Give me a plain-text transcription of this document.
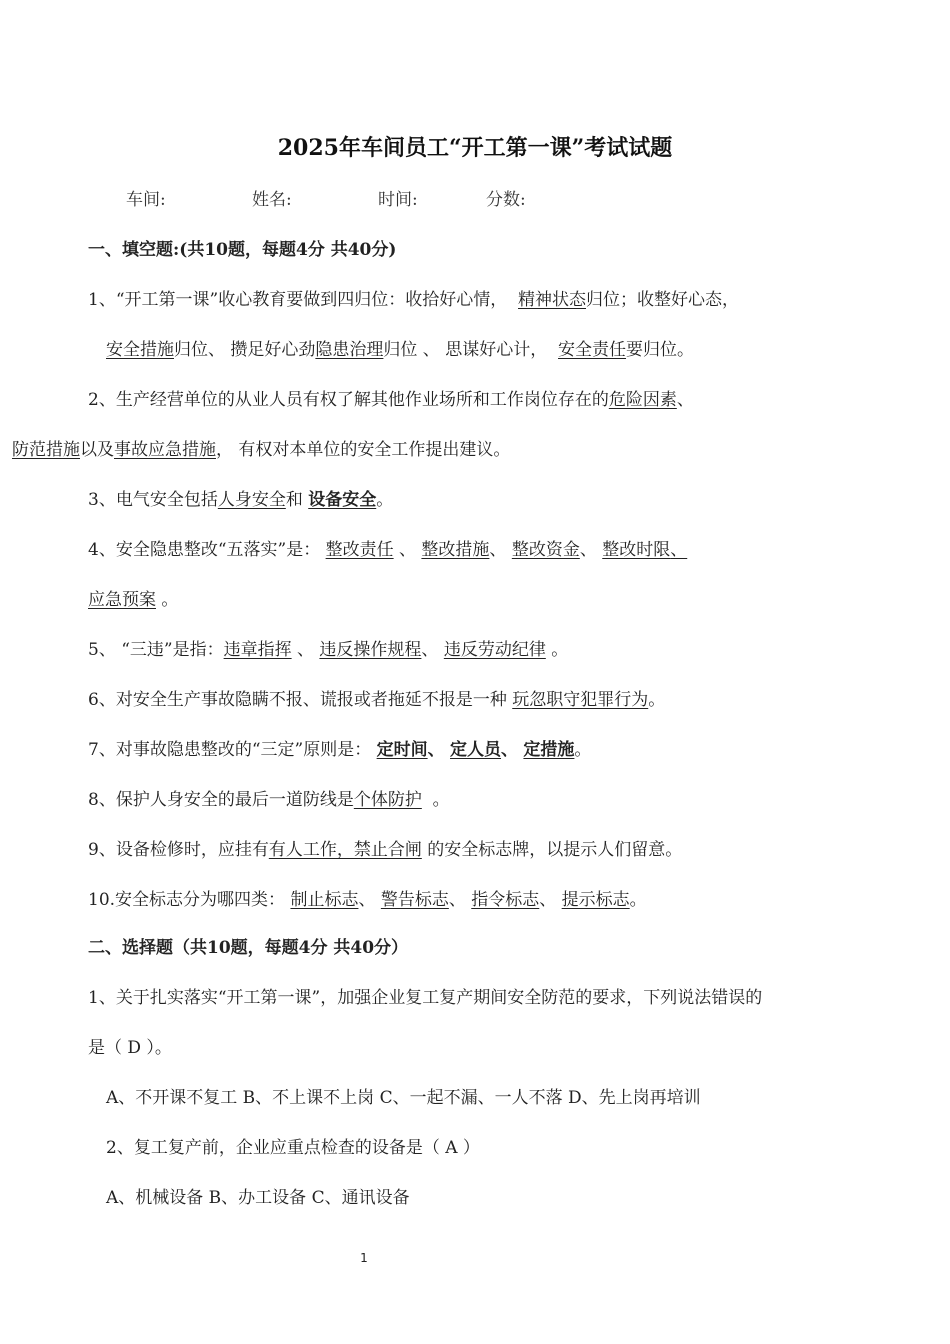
2025年车间员工“开工第一课”考试试题
车间:	姓名:	时间:	分数:
一、填空题:(共10题，每题4分 共40分)
1、“开工第一课”收心教育要做到四归位：收拾好心情， 精神状态归位；收整好心态，
安全措施归位、 攒足好心劲隐患治理归位 、 思谋好心计， 安全责任要归位。
2、生产经营单位的从业人员有权了解其他作业场所和工作岗位存在的危险因素、
防范措施以及事故应急措施， 有权对本单位的安全工作提出建议。
3、电气安全包括人身安全和 设备安全。
4、安全隐患整改“五落实”是： 整改责任 、 整改措施、 整改资金、 整改时限、
应急预案 。
5、 “三违”是指：违章指挥 、 违反操作规程、 违反劳动纪律 。
6、对安全生产事故隐瞒不报、谎报或者拖延不报是一种 玩忽职守犯罪行为。
7、对事故隐患整改的“三定”原则是： 定时间、 定人员、 定措施。
8、保护人身安全的最后一道防线是个体防护 。
9、设备检修时，应挂有有人工作，禁止合闸 的安全标志牌，以提示人们留意。
10.安全标志分为哪四类： 制止标志、 警告标志、 指令标志、 提示标志。
二、选择题（共10题，每题4分 共40分）
1、关于扎实落实“开工第一课”，加强企业复工复产期间安全防范的要求，下列说法错误的
是（ D ）。
A、不开课不复工 B、不上课不上岗 C、一起不漏、一人不落 D、先上岗再培训
2、复工复产前，企业应重点检查的设备是（ A ）
A、机械设备 B、办工设备 C、通讯设备
1
